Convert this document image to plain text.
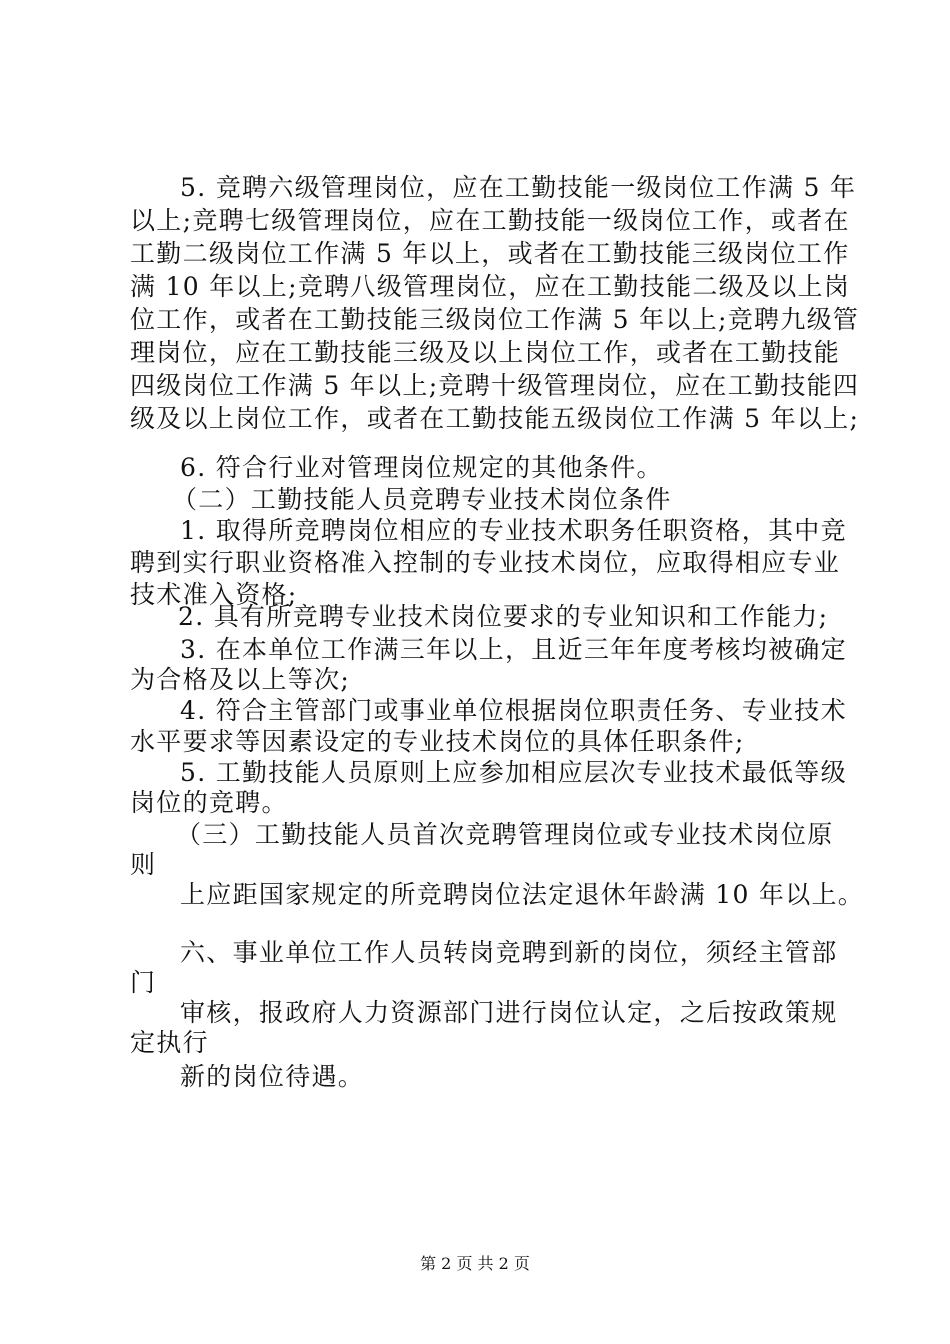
5. 竞聘六级管理岗位，应在工勤技能一级岗位工作满 5 年
以上;竞聘七级管理岗位，应在工勤技能一级岗位工作，或者在
工勤二级岗位工作满 5 年以上，或者在工勤技能三级岗位工作
满 10 年以上;竞聘八级管理岗位，应在工勤技能二级及以上岗
位工作，或者在工勤技能三级岗位工作满 5 年以上;竞聘九级管
理岗位，应在工勤技能三级及以上岗位工作，或者在工勤技能
四级岗位工作满 5 年以上;竞聘十级管理岗位，应在工勤技能四
级及以上岗位工作，或者在工勤技能五级岗位工作满 5 年以上;
6. 符合行业对管理岗位规定的其他条件。
（二）工勤技能人员竞聘专业技术岗位条件
1. 取得所竞聘岗位相应的专业技术职务任职资格，其中竞
聘到实行职业资格准入控制的专业技术岗位，应取得相应专业
技术准入资格;
2. 具有所竞聘专业技术岗位要求的专业知识和工作能力;
3. 在本单位工作满三年以上，且近三年年度考核均被确定
为合格及以上等次;
4. 符合主管部门或事业单位根据岗位职责任务、专业技术
水平要求等因素设定的专业技术岗位的具体任职条件;
5. 工勤技能人员原则上应参加相应层次专业技术最低等级
岗位的竞聘。
（三）工勤技能人员首次竞聘管理岗位或专业技术岗位原
则
上应距国家规定的所竞聘岗位法定退休年龄满 10 年以上。
六、事业单位工作人员转岗竞聘到新的岗位，须经主管部
门
审核，报政府人力资源部门进行岗位认定，之后按政策规
定执行
新的岗位待遇。
第 2 页 共 2 页
